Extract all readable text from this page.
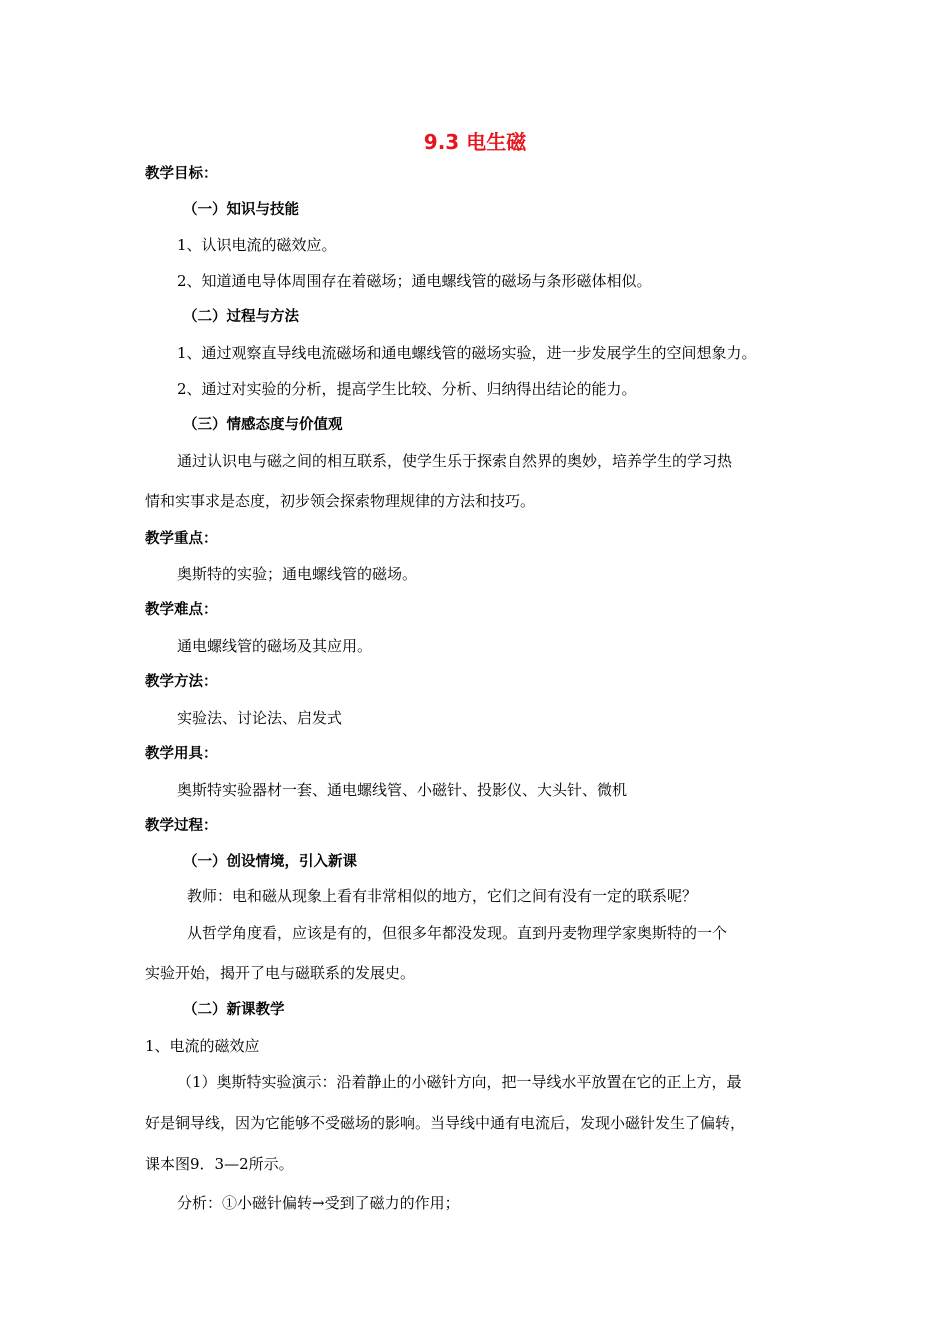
9.3 电生磁
教学目标：
（一）知识与技能
1、认识电流的磁效应。
2、知道通电导体周围存在着磁场；通电螺线管的磁场与条形磁体相似。
（二）过程与方法
1、通过观察直导线电流磁场和通电螺线管的磁场实验，进一步发展学生的空间想象力。
2、通过对实验的分析，提高学生比较、分析、归纳得出结论的能力。
（三）情感态度与价值观
通过认识电与磁之间的相互联系，使学生乐于探索自然界的奥妙，培养学生的学习热
情和实事求是态度，初步领会探索物理规律的方法和技巧。
教学重点：
奥斯特的实验；通电螺线管的磁场。
教学难点：
通电螺线管的磁场及其应用。
教学方法：
实验法、讨论法、启发式
教学用具：
奥斯特实验器材一套、通电螺线管、小磁针、投影仪、大头针、微机
教学过程：
（一）创设情境，引入新课
教师：电和磁从现象上看有非常相似的地方，它们之间有没有一定的联系呢？
从哲学角度看，应该是有的，但很多年都没发现。直到丹麦物理学家奥斯特的一个
实验开始，揭开了电与磁联系的发展史。
（二）新课教学
1、电流的磁效应
（1）奥斯特实验演示：沿着静止的小磁针方向，把一导线水平放置在它的正上方，最
好是铜导线，因为它能够不受磁场的影响。当导线中通有电流后，发现小磁针发生了偏转，
课本图9．3—2所示。
分析：①小磁针偏转→受到了磁力的作用；
